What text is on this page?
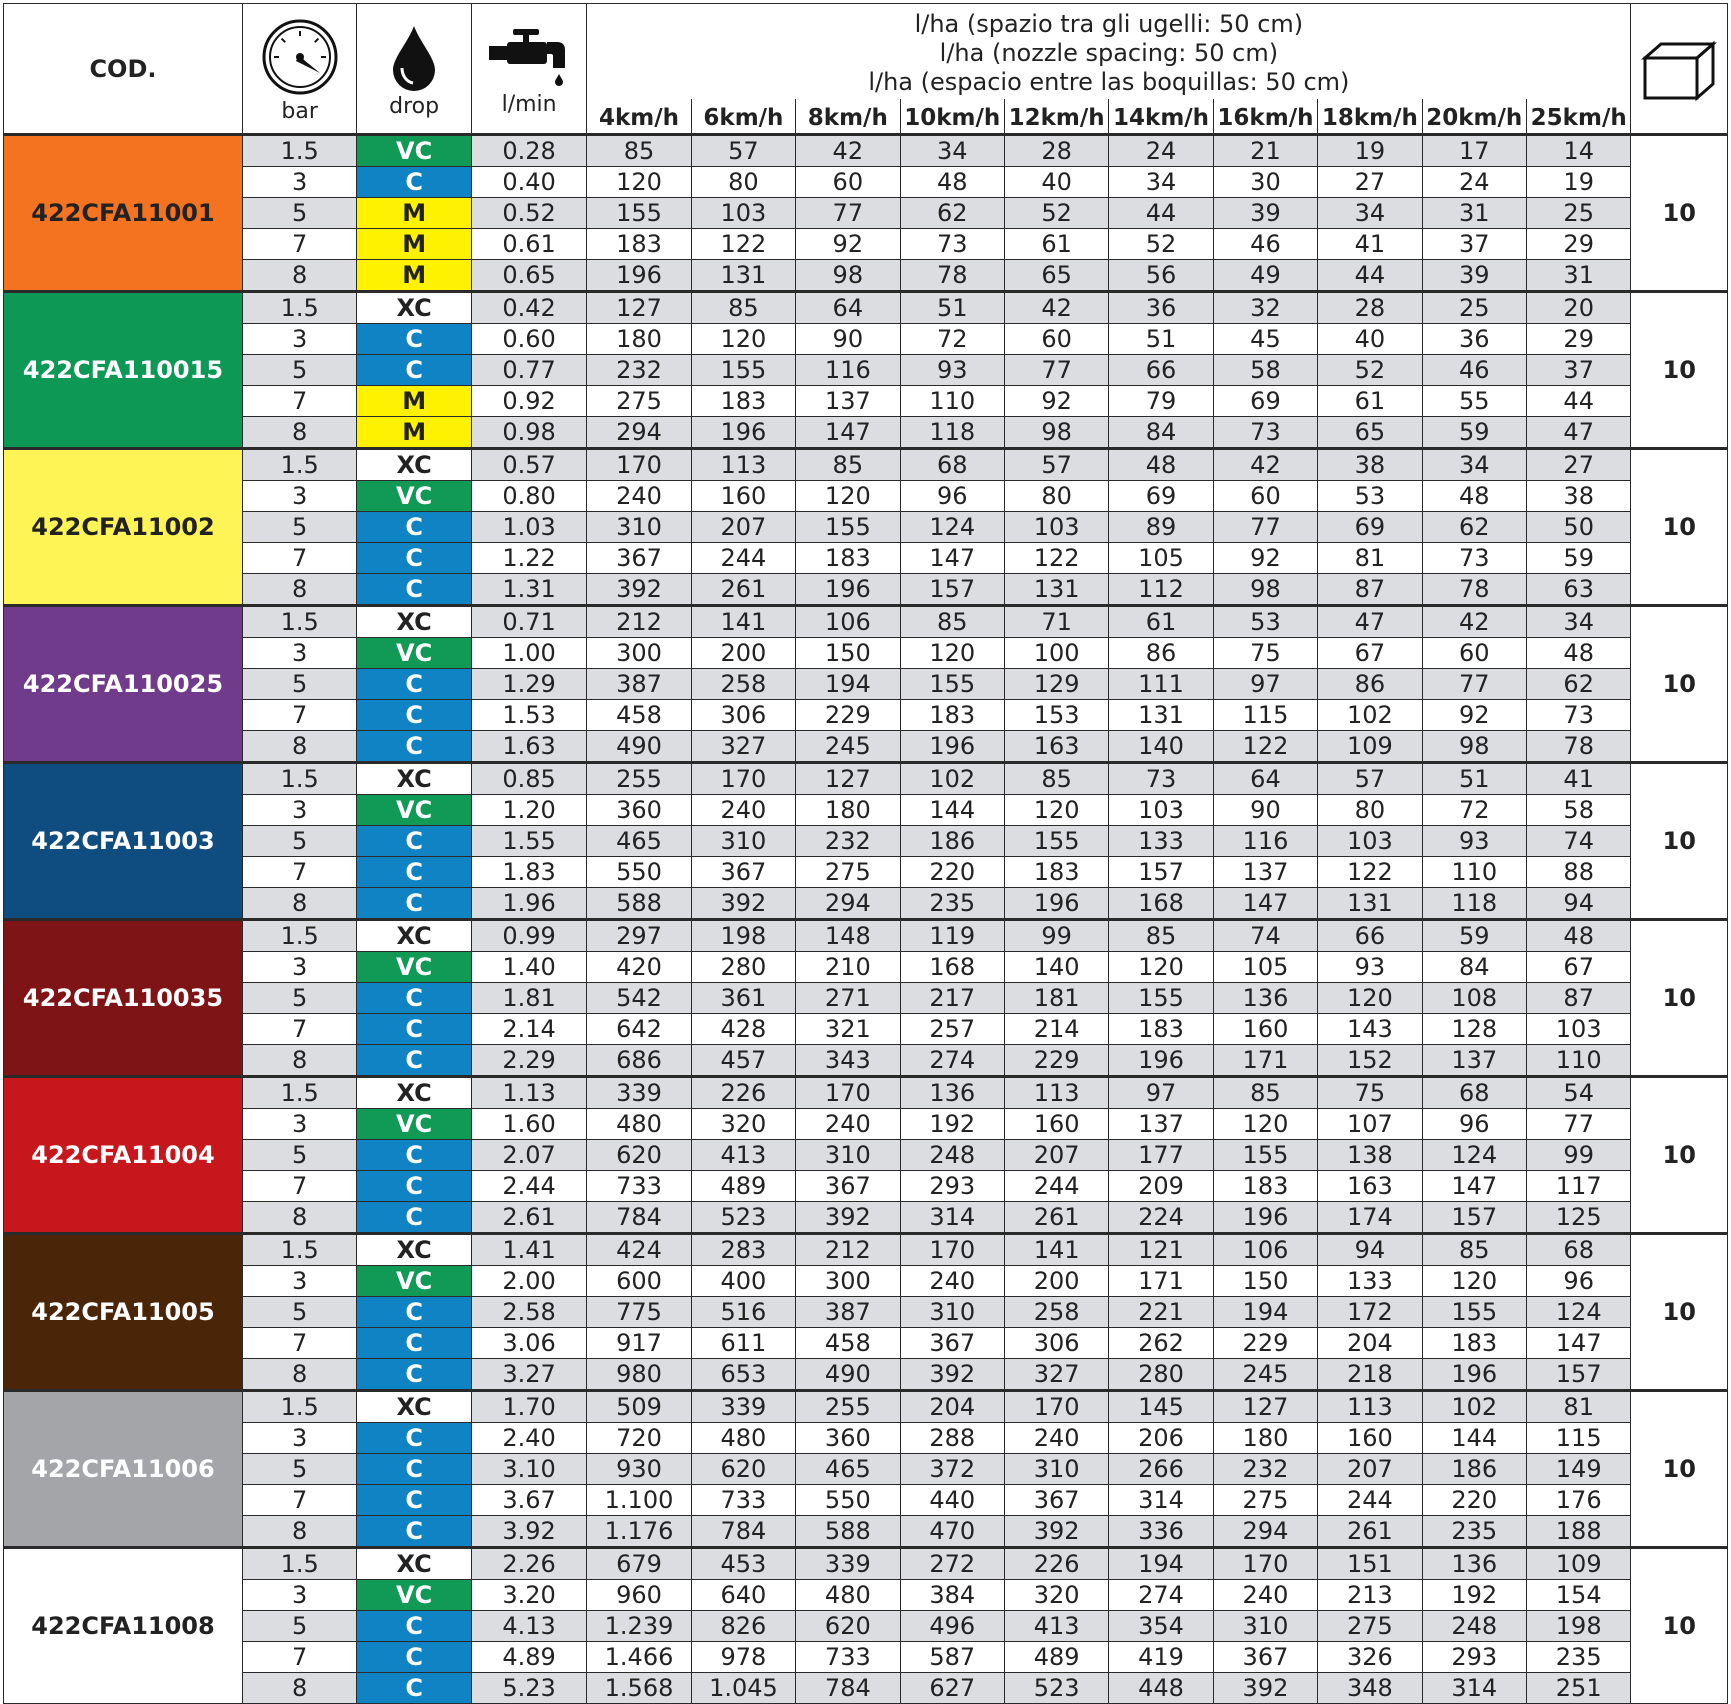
COD.	bar	drop	l/min	l/ha (spazio tra gli ugelli: 50 cm)
l/ha (nozzle spacing: 50 cm)
l/ha (espacio entre las boquillas: 50 cm)

				4km/h	6km/h	8km/h	10km/h	12km/h	14km/h	16km/h	18km/h	20km/h	25km/h	
422CFA11001	1.5	VC	0.28	85	57	42	34	28	24	21	19	17	14	10
	3	C	0.40	120	80	60	48	40	34	30	27	24	19	
	5	M	0.52	155	103	77	62	52	44	39	34	31	25	
	7	M	0.61	183	122	92	73	61	52	46	41	37	29	
	8	M	0.65	196	131	98	78	65	56	49	44	39	31	
422CFA110015	1.5	XC	0.42	127	85	64	51	42	36	32	28	25	20	10
	3	C	0.60	180	120	90	72	60	51	45	40	36	29	
	5	C	0.77	232	155	116	93	77	66	58	52	46	37	
	7	M	0.92	275	183	137	110	92	79	69	61	55	44	
	8	M	0.98	294	196	147	118	98	84	73	65	59	47	
422CFA11002	1.5	XC	0.57	170	113	85	68	57	48	42	38	34	27	10
	3	VC	0.80	240	160	120	96	80	69	60	53	48	38	
	5	C	1.03	310	207	155	124	103	89	77	69	62	50	
	7	C	1.22	367	244	183	147	122	105	92	81	73	59	
	8	C	1.31	392	261	196	157	131	112	98	87	78	63	
422CFA110025	1.5	XC	0.71	212	141	106	85	71	61	53	47	42	34	10
	3	VC	1.00	300	200	150	120	100	86	75	67	60	48	
	5	C	1.29	387	258	194	155	129	111	97	86	77	62	
	7	C	1.53	458	306	229	183	153	131	115	102	92	73	
	8	C	1.63	490	327	245	196	163	140	122	109	98	78	
422CFA11003	1.5	XC	0.85	255	170	127	102	85	73	64	57	51	41	10
	3	VC	1.20	360	240	180	144	120	103	90	80	72	58	
	5	C	1.55	465	310	232	186	155	133	116	103	93	74	
	7	C	1.83	550	367	275	220	183	157	137	122	110	88	
	8	C	1.96	588	392	294	235	196	168	147	131	118	94	
422CFA110035	1.5	XC	0.99	297	198	148	119	99	85	74	66	59	48	10
	3	VC	1.40	420	280	210	168	140	120	105	93	84	67	
	5	C	1.81	542	361	271	217	181	155	136	120	108	87	
	7	C	2.14	642	428	321	257	214	183	160	143	128	103	
	8	C	2.29	686	457	343	274	229	196	171	152	137	110	
422CFA11004	1.5	XC	1.13	339	226	170	136	113	97	85	75	68	54	10
	3	VC	1.60	480	320	240	192	160	137	120	107	96	77	
	5	C	2.07	620	413	310	248	207	177	155	138	124	99	
	7	C	2.44	733	489	367	293	244	209	183	163	147	117	
	8	C	2.61	784	523	392	314	261	224	196	174	157	125	
422CFA11005	1.5	XC	1.41	424	283	212	170	141	121	106	94	85	68	10
	3	VC	2.00	600	400	300	240	200	171	150	133	120	96	
	5	C	2.58	775	516	387	310	258	221	194	172	155	124	
	7	C	3.06	917	611	458	367	306	262	229	204	183	147	
	8	C	3.27	980	653	490	392	327	280	245	218	196	157	
422CFA11006	1.5	XC	1.70	509	339	255	204	170	145	127	113	102	81	10
	3	C	2.40	720	480	360	288	240	206	180	160	144	115	
	5	C	3.10	930	620	465	372	310	266	232	207	186	149	
	7	C	3.67	1.100	733	550	440	367	314	275	244	220	176	
	8	C	3.92	1.176	784	588	470	392	336	294	261	235	188	
422CFA11008	1.5	XC	2.26	679	453	339	272	226	194	170	151	136	109	10
	3	VC	3.20	960	640	480	384	320	274	240	213	192	154	
	5	C	4.13	1.239	826	620	496	413	354	310	275	248	198	
	7	C	4.89	1.466	978	733	587	489	419	367	326	293	235	
	8	C	5.23	1.568	1.045	784	627	523	448	392	348	314	251	
